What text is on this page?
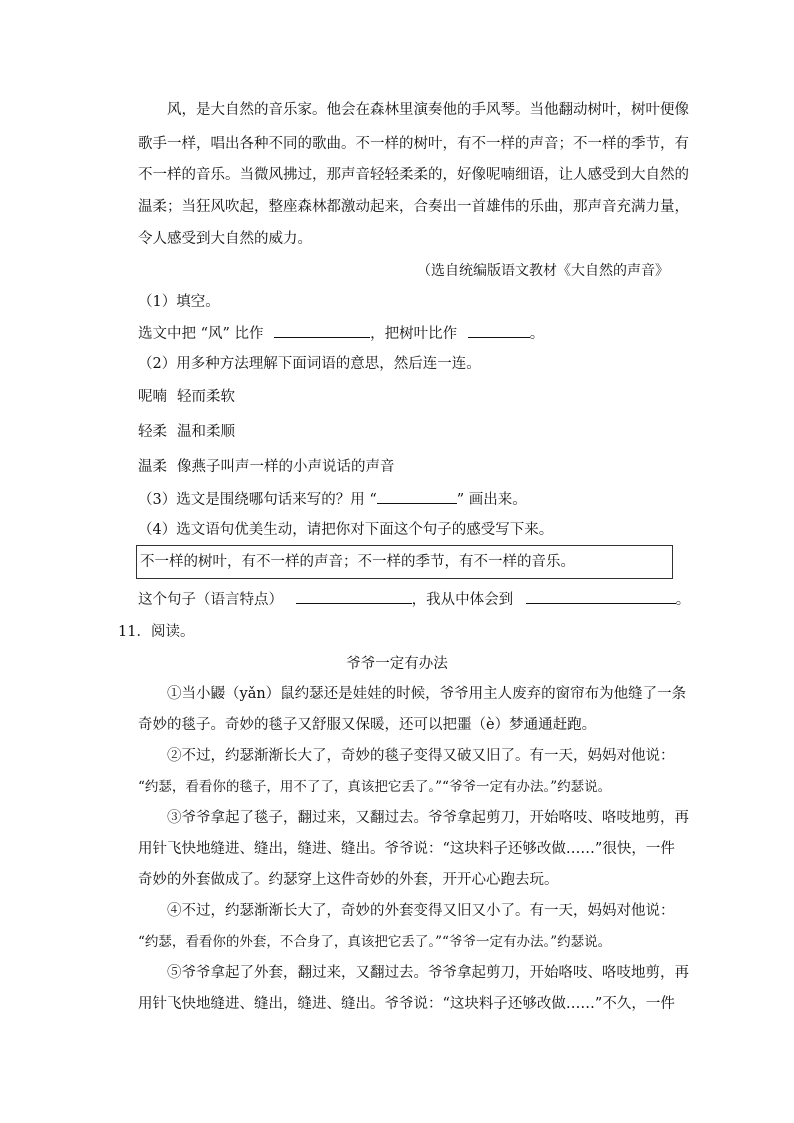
风，是大自然的音乐家。他会在森林里演奏他的手风琴。当他翻动树叶，树叶便像
歌手一样，唱出各种不同的歌曲。不一样的树叶，有不一样的声音；不一样的季节，有
不一样的音乐。当微风拂过，那声音轻轻柔柔的，好像呢喃细语，让人感受到大自然的
温柔；当狂风吹起，整座森林都激动起来，合奏出一首雄伟的乐曲，那声音充满力量，
令人感受到大自然的威力。
（选自统编版语文教材《大自然的声音》
（1）填空。
选文中把 “风” 比作	，把树叶比作	。
（2）用多种方法理解下面词语的意思，然后连一连。
呢喃 轻而柔软
轻柔 温和柔顺
温柔 像燕子叫声一样的小声说话的声音
（3）选文是围绕哪句话来写的？用 “	” 画出来。
（4）选文语句优美生动，请把你对下面这个句子的感受写下来。
不一样的树叶，有不一样的声音；不一样的季节，有不一样的音乐。
这个句子（语言特点）	，我从中体会到	。
11．阅读。
爷爷一定有办法
①当小鼹（yǎn）鼠约瑟还是娃娃的时候，爷爷用主人废弃的窗帘布为他缝了一条
奇妙的毯子。奇妙的毯子又舒服又保暖，还可以把噩（è）梦通通赶跑。
②不过，约瑟渐渐长大了，奇妙的毯子变得又破又旧了。有一天，妈妈对他说：
“约瑟，看看你的毯子，用不了了，真该把它丢了。”“爷爷一定有办法。”约瑟说。
③爷爷拿起了毯子，翻过来，又翻过去。爷爷拿起剪刀，开始咯吱、咯吱地剪，再
用针飞快地缝进、缝出，缝进、缝出。爷爷说：“这块料子还够改做……”很快，一件
奇妙的外套做成了。约瑟穿上这件奇妙的外套，开开心心跑去玩。
④不过，约瑟渐渐长大了，奇妙的外套变得又旧又小了。有一天，妈妈对他说：
“约瑟，看看你的外套，不合身了，真该把它丢了。”“爷爷一定有办法。”约瑟说。
⑤爷爷拿起了外套，翻过来，又翻过去。爷爷拿起剪刀，开始咯吱、咯吱地剪，再
用针飞快地缝进、缝出，缝进、缝出。爷爷说：“这块料子还够改做……”不久，一件
